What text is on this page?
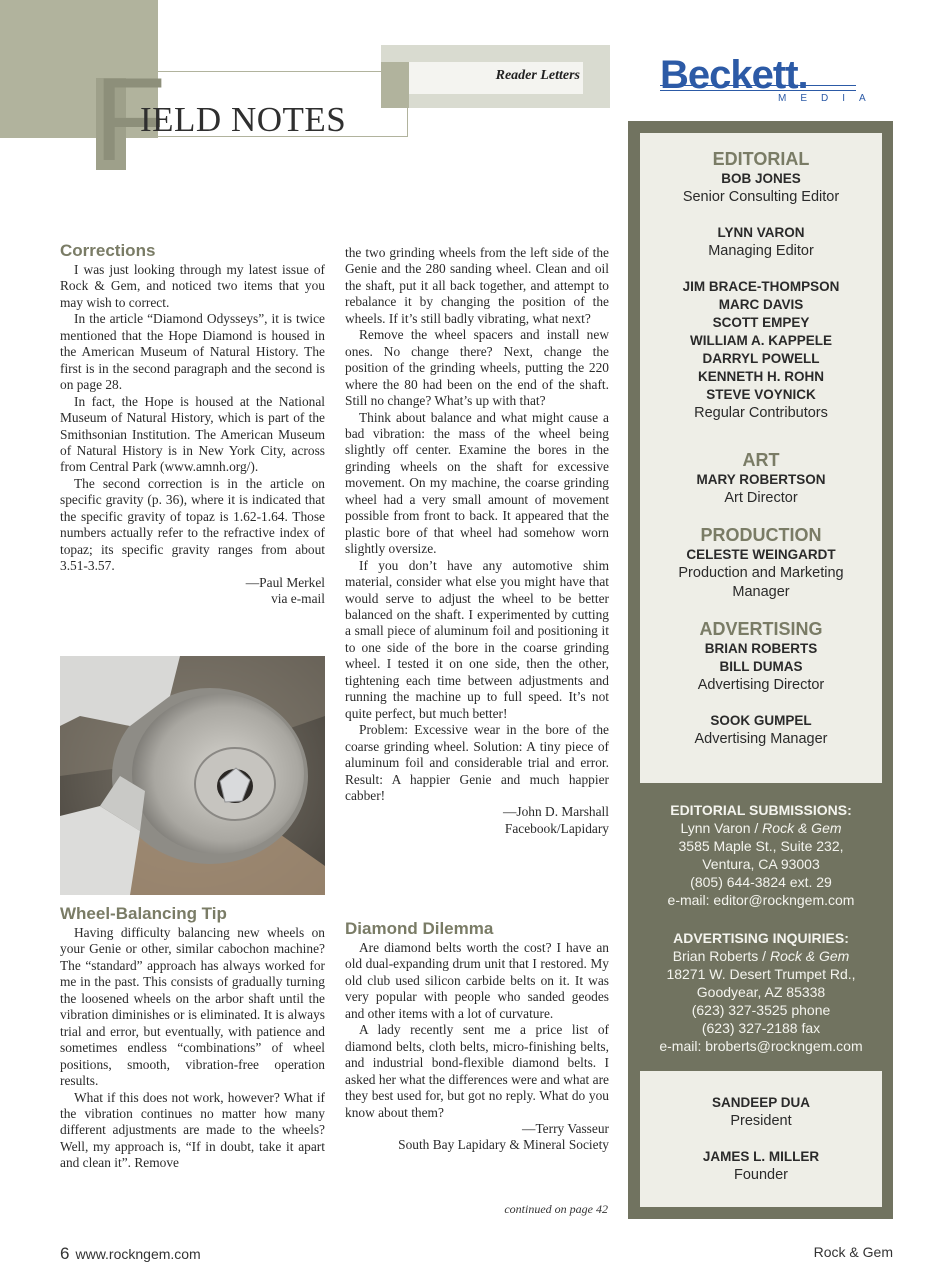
F
IELD NOTES
Reader Letters Beckett.
MEDIA
Corrections

I was just looking through my latest issue of Rock & Gem, and noticed two items that you may wish to correct.

In the article “Diamond Odysseys”, it is twice mentioned that the Hope Diamond is housed in the American Museum of Natural History. The first is in the second paragraph and the second is on page 28.

In fact, the Hope is housed at the National Museum of Natural History, which is part of the Smithsonian Institution. The American Museum of Natural History is in New York City, across from Central Park (www.amnh.org/).

The second correction is in the article on specific gravity (p. 36), where it is indicated that the specific gravity of topaz is 1.62-1.64. Those numbers actually refer to the refractive index of topaz; its specific gravity ranges from about 3.51-3.57.

—Paul Merkel

via e-mail

Wheel-Balancing Tip

Having difficulty balancing new wheels on your Genie or other, similar cabochon machine? The “standard” approach has always worked for me in the past. This consists of gradually turning the loosened wheels on the arbor shaft until the vibration diminishes or is eliminated. It is always trial and error, but eventually, with patience and sometimes endless “combinations” of wheel positions, smooth, vibration-free operation results.

What if this does not work, however? What if the vibration continues no matter how many different adjustments are made to the wheels? Well, my approach is, “If in doubt, take it apart and clean it”. Remove

the two grinding wheels from the left side of the Genie and the 280 sanding wheel. Clean and oil the shaft, put it all back together, and attempt to rebalance it by changing the position of the wheels. If it’s still badly vibrating, what next?

Remove the wheel spacers and install new ones. No change there? Next, change the position of the grinding wheels, putting the 220 where the 80 had been on the end of the shaft. Still no change? What’s up with that?

Think about balance and what might cause a bad vibration: the mass of the wheel being slightly off center. Examine the bores in the grinding wheels on the shaft for excessive movement. On my machine, the coarse grinding wheel had a very small amount of movement possible from front to back. It appeared that the plastic bore of that wheel had somehow worn slightly oversize.

If you don’t have any automotive shim material, consider what else you might have that would serve to adjust the wheel to be better balanced on the shaft. I experimented by cutting a small piece of aluminum foil and positioning it to one side of the bore in the coarse grinding wheel. I tested it on one side, then the other, tightening each time between adjustments and running the machine up to full speed. It’s not quite perfect, but much better!

Problem: Excessive wear in the bore of the coarse grinding wheel. Solution: A tiny piece of aluminum foil and considerable trial and error. Result: A happier Genie and much happier cabber!

—John D. Marshall

Facebook/Lapidary

Diamond Dilemma

Are diamond belts worth the cost? I have an old dual-expanding drum unit that I restored. My old club used silicon carbide belts on it. It was very popular with people who sanded geodes and other items with a lot of curvature.

A lady recently sent me a price list of diamond belts, cloth belts, micro-finishing belts, and industrial bond-flexible diamond belts. I asked her what the differences were and what are they best used for, but got no reply. What do you know about them?

—Terry Vasseur

South Bay Lapidary & Mineral Society

continued on page 42
EDITORIAL
BOB JONES
Senior Consulting Editor
LYNN VARON
Managing Editor
JIM BRACE-THOMPSON
MARC DAVIS
SCOTT EMPEY
WILLIAM A. KAPPELE
DARRYL POWELL
KENNETH H. ROHN
STEVE VOYNICK
Regular Contributors
ART
MARY ROBERTSON
Art Director
PRODUCTION
CELESTE WEINGARDT
Production and Marketing
Manager
ADVERTISING
BRIAN ROBERTS
BILL DUMAS
Advertising Director
SOOK GUMPEL
Advertising Manager
EDITORIAL SUBMISSIONS:
Lynn Varon / Rock & Gem
3585 Maple St., Suite 232,
Ventura, CA 93003
(805) 644-3824 ext. 29
e-mail: editor@rockngem.com
ADVERTISING INQUIRIES:
Brian Roberts / Rock & Gem
18271 W. Desert Trumpet Rd.,
Goodyear, AZ 85338
(623) 327-3525 phone
(623) 327-2188 fax
e-mail: broberts@rockngem.com
SANDEEP DUA
President
JAMES L. MILLER
Founder
6 www.rockngem.com	Rock & Gem
